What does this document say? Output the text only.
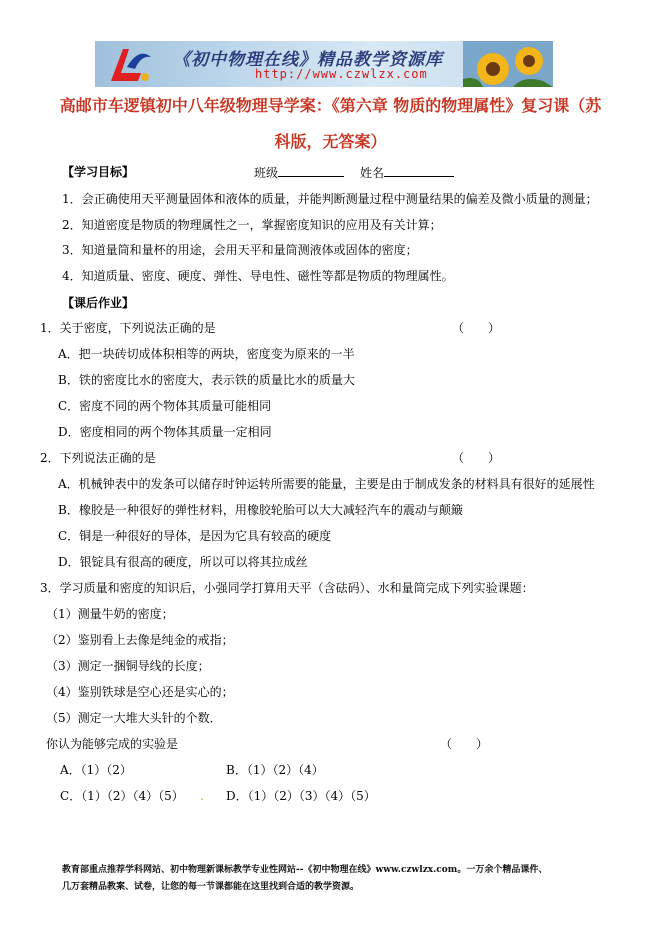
《初中物理在线》精品教学资源库
http://www.czwlzx.com
高邮市车逻镇初中八年级物理导学案：《第六章 物质的物理属性》复习课（苏
科版，无答案）
【学习目标】	班级	姓名
1．会正确使用天平测量固体和液体的质量，并能判断测量过程中测量结果的偏差及微小质量的测量；
2．知道密度是物质的物理属性之一，掌握密度知识的应用及有关计算；
3．知道量筒和量杯的用途，会用天平和量筒测液体或固体的密度；
4．知道质量、密度、硬度、弹性、导电性、磁性等都是物质的物理属性。
【课后作业】
1．关于密度，下列说法正确的是	（　　）
A．把一块砖切成体积相等的两块，密度变为原来的一半
B．铁的密度比水的密度大，表示铁的质量比水的质量大
C．密度不同的两个物体其质量可能相同
D．密度相同的两个物体其质量一定相同
2．下列说法正确的是	（　　）
A．机械钟表中的发条可以储存时钟运转所需要的能量，主要是由于制成发条的材料具有很好的延展性
B．橡胶是一种很好的弹性材料，用橡胶轮胎可以大大减轻汽车的震动与颠簸
C．铜是一种很好的导体，是因为它具有较高的硬度
D．银锭具有很高的硬度，所以可以将其拉成丝
3．学习质量和密度的知识后，小强同学打算用天平（含砝码）、水和量筒完成下列实验课题：
（1）测量牛奶的密度；
（2）鉴别看上去像是纯金的戒指；
（3）测定一捆铜导线的长度；
（4）鉴别铁球是空心还是实心的；
（5）测定一大堆大头针的个数．
你认为能够完成的实验是	（　　）
A．（1）（2）	B．（1）（2）（4）
C．（1）（2）（4）（5） . D．（1）（2）（3）（4）（5）
教育部重点推荐学科网站、初中物理新课标教学专业性网站--《初中物理在线》www.czwlzx.com。一万余个精品课件、
几万套精品教案、试卷，让您的每一节课都能在这里找到合适的教学资源。
